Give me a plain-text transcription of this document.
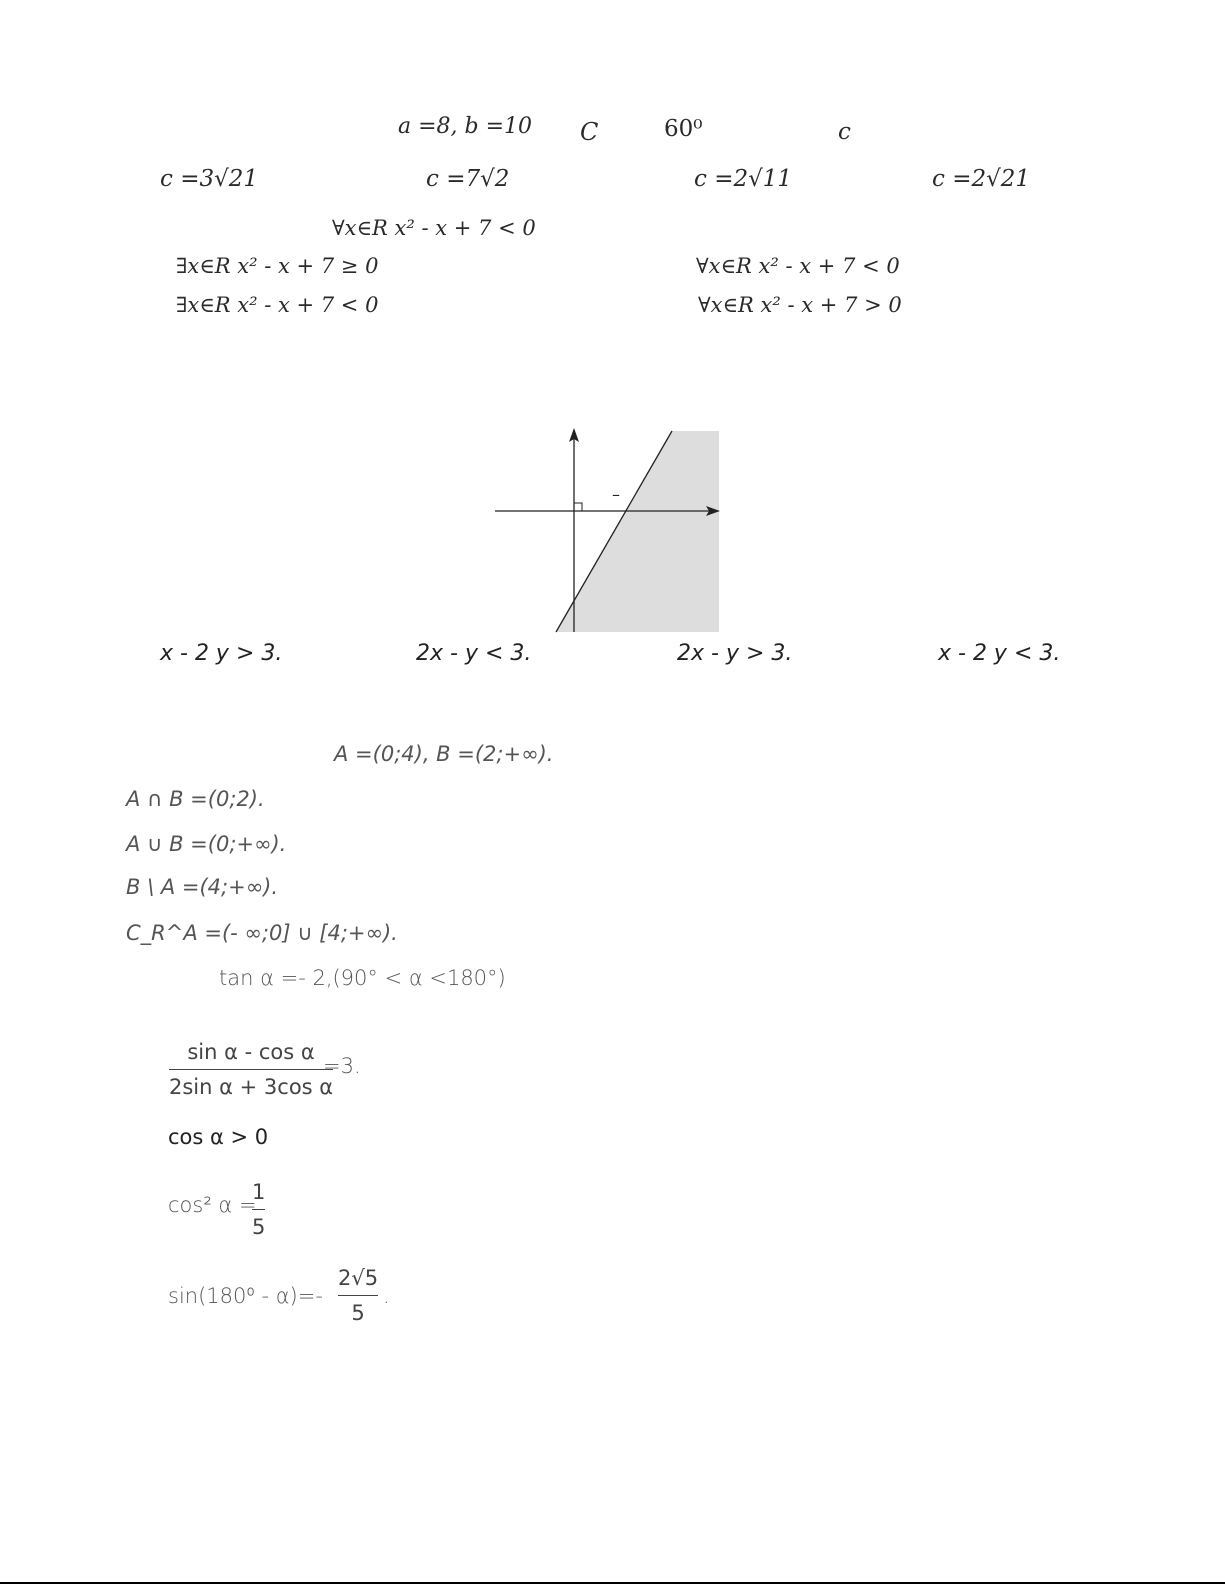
a =8, b =10 C	60⁰	c
c =3√21	c =7√2	c =2√11	c =2√21
∀x∈R x² - x + 7 < 0
∃x∈R x² - x + 7 ≥ 0	∀x∈R x² - x + 7 < 0
∃x∈R x² - x + 7 < 0	∀x∈R x² - x + 7 > 0
–
x - 2 y > 3.	2x - y < 3.	2x - y > 3.	x - 2 y < 3.
A =(0;4), B =(2;+∞).
A ∩ B =(0;2).
A ∪ B =(0;+∞).
B \ A =(4;+∞).
C_R^A =(- ∞;0] ∪ [4;+∞).
tan α =- 2,(90° < α <180°)
sin α - cos α
2sin α + 3cos α
=3.
cos α > 0
cos² α =
1
5
sin(180⁰ - α)=-
2√5
5
.
